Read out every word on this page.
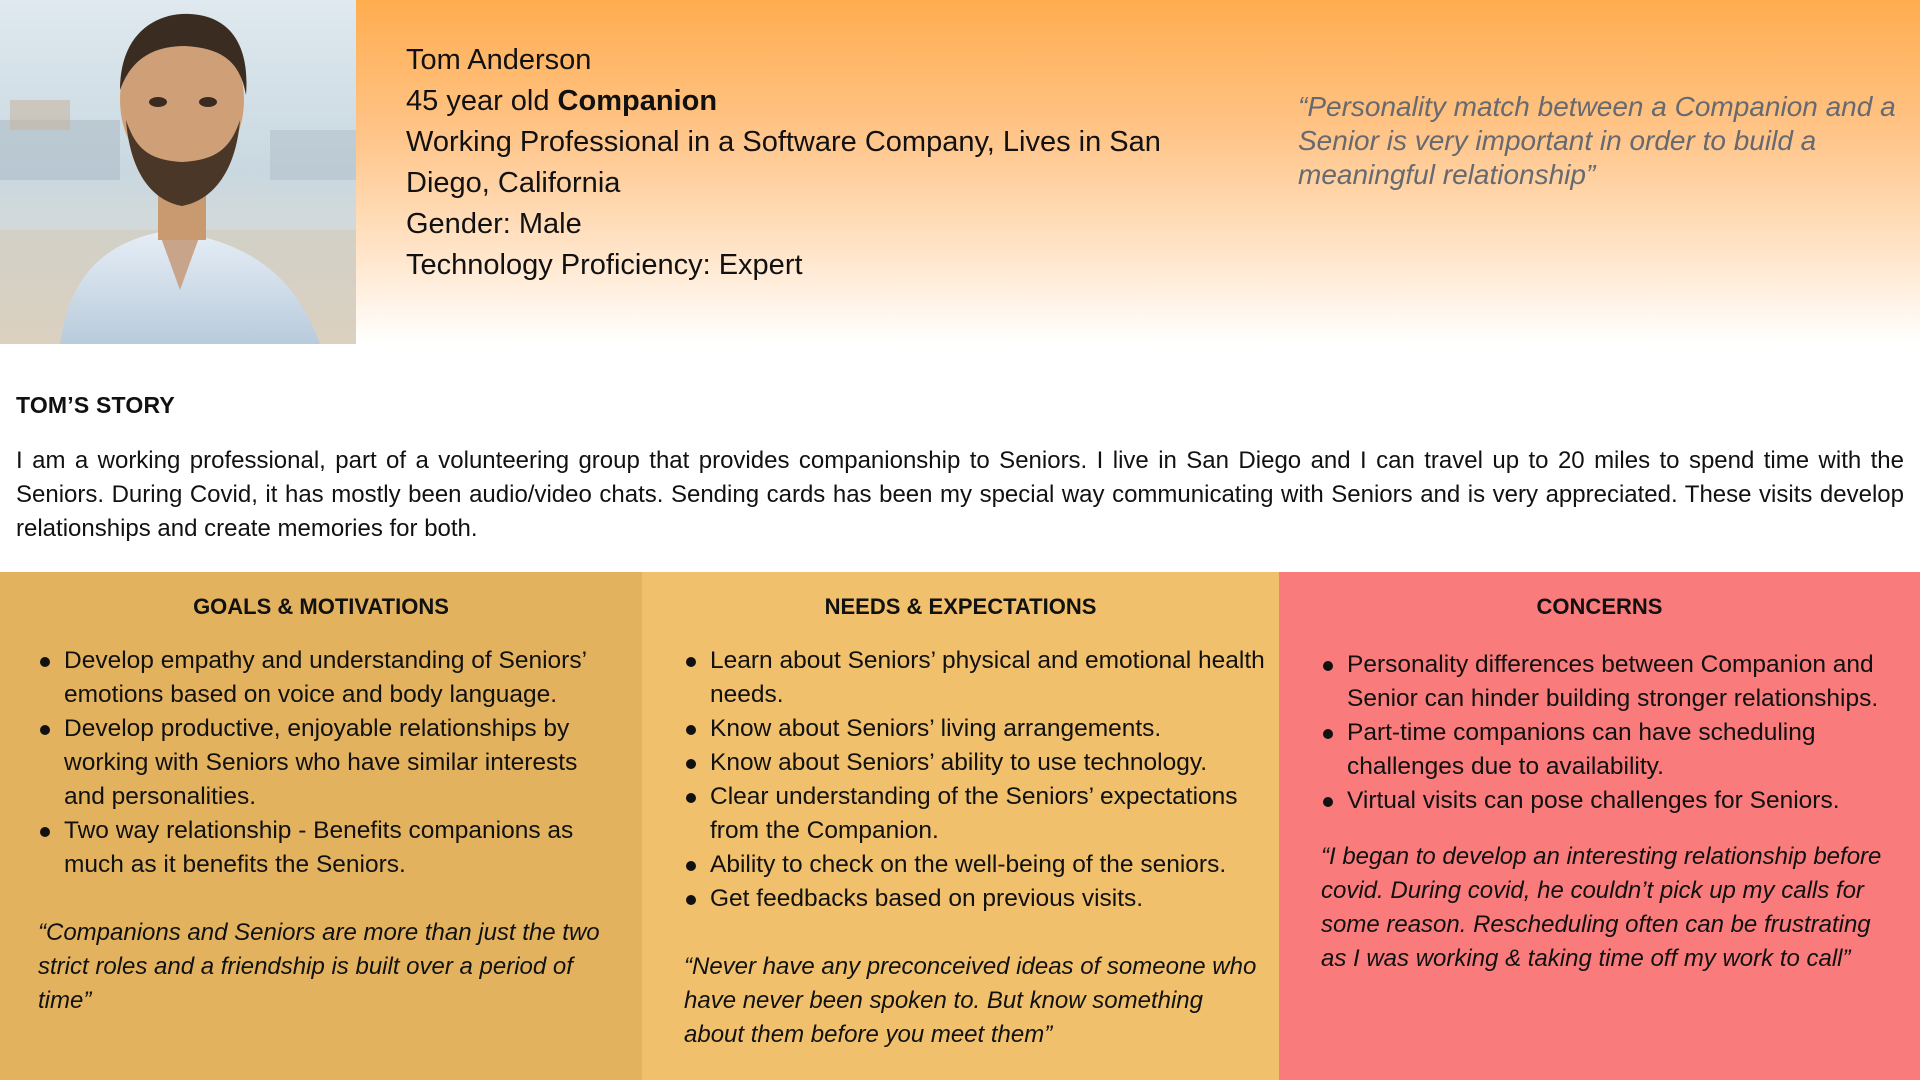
Tom Anderson
45 year old Companion
Working Professional in a Software Company, Lives in San Diego, California
Gender: Male
Technology Proficiency: Expert
“Personality match between a Companion and a Senior is very important in order to build a meaningful relationship”
TOM’S STORY
I am a working professional, part of a volunteering group that provides companionship to Seniors. I live in San Diego and I can travel up to 20 miles to spend time with the Seniors. During Covid, it has mostly been audio/video chats. Sending cards has been my special way communicating with Seniors and is very appreciated. These visits develop relationships and create memories for both.
GOALS & MOTIVATIONS
Develop empathy and understanding of Seniors’ emotions based on voice and body language.
Develop productive, enjoyable relationships by working with Seniors who have similar interests and personalities.
Two way relationship - Benefits companions as much as it benefits the Seniors.
“Companions and Seniors are more than just the two strict roles and a friendship is built over a period of time”
NEEDS & EXPECTATIONS
Learn about Seniors’ physical and emotional health needs.
Know about Seniors’ living arrangements.
Know about Seniors’ ability to use technology.
Clear understanding of the Seniors’ expectations from the Companion.
Ability to check on the well-being of the seniors.
Get feedbacks based on previous visits.
“Never have any preconceived ideas of someone who have never been spoken to. But know something about them before you meet them”
CONCERNS
Personality differences between Companion and Senior can hinder building stronger relationships.
Part-time companions can have scheduling challenges due to availability.
Virtual visits can pose challenges for Seniors.
“I began to develop an interesting relationship before covid. During covid, he couldn’t pick up my calls for some reason. Rescheduling often can be frustrating as I was working & taking time off my work to call”
